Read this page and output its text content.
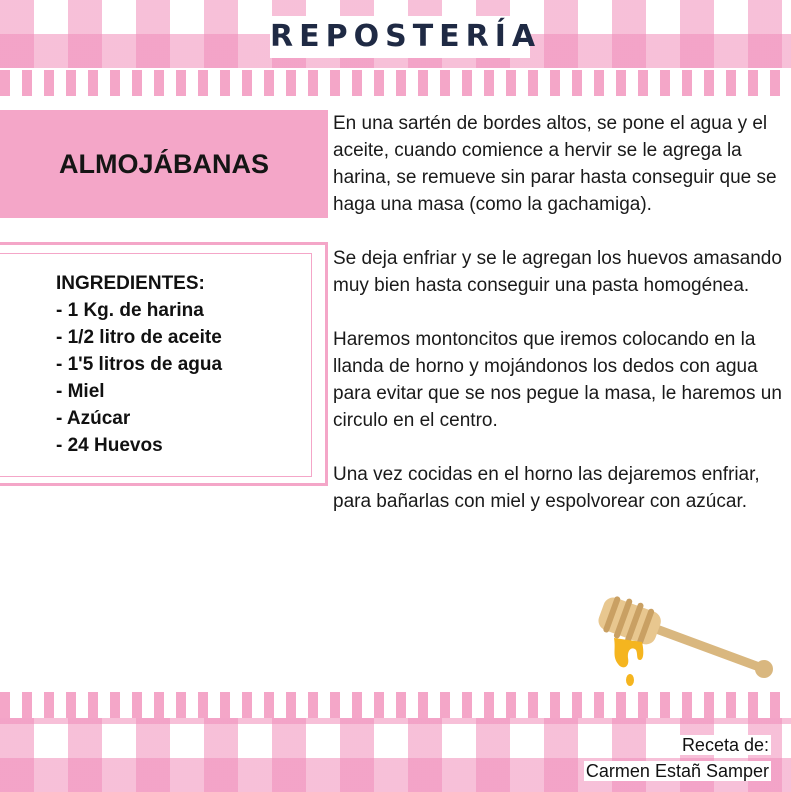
REPOSTERÍA
ALMOJÁBANAS
INGREDIENTES:
- 1 Kg. de harina
- 1/2 litro de aceite
- 1'5 litros de agua
- Miel
- Azúcar
- 24 Huevos

En una sartén de bordes altos, se pone el agua y el aceite, cuando comience a hervir se le agrega la harina, se remueve sin parar hasta conseguir que se haga una masa (como la gachamiga).

Se deja enfriar y se le agregan los huevos amasando muy bien hasta conseguir una pasta homogénea.

Haremos montoncitos que iremos colocando en la llanda de horno y mojándonos los dedos con agua para evitar que se nos pegue la masa, le haremos un circulo en el centro.

Una vez cocidas en el horno las dejaremos enfriar, para bañarlas con miel y espolvorear con azúcar.

Receta de:
Carmen Estañ Samper
